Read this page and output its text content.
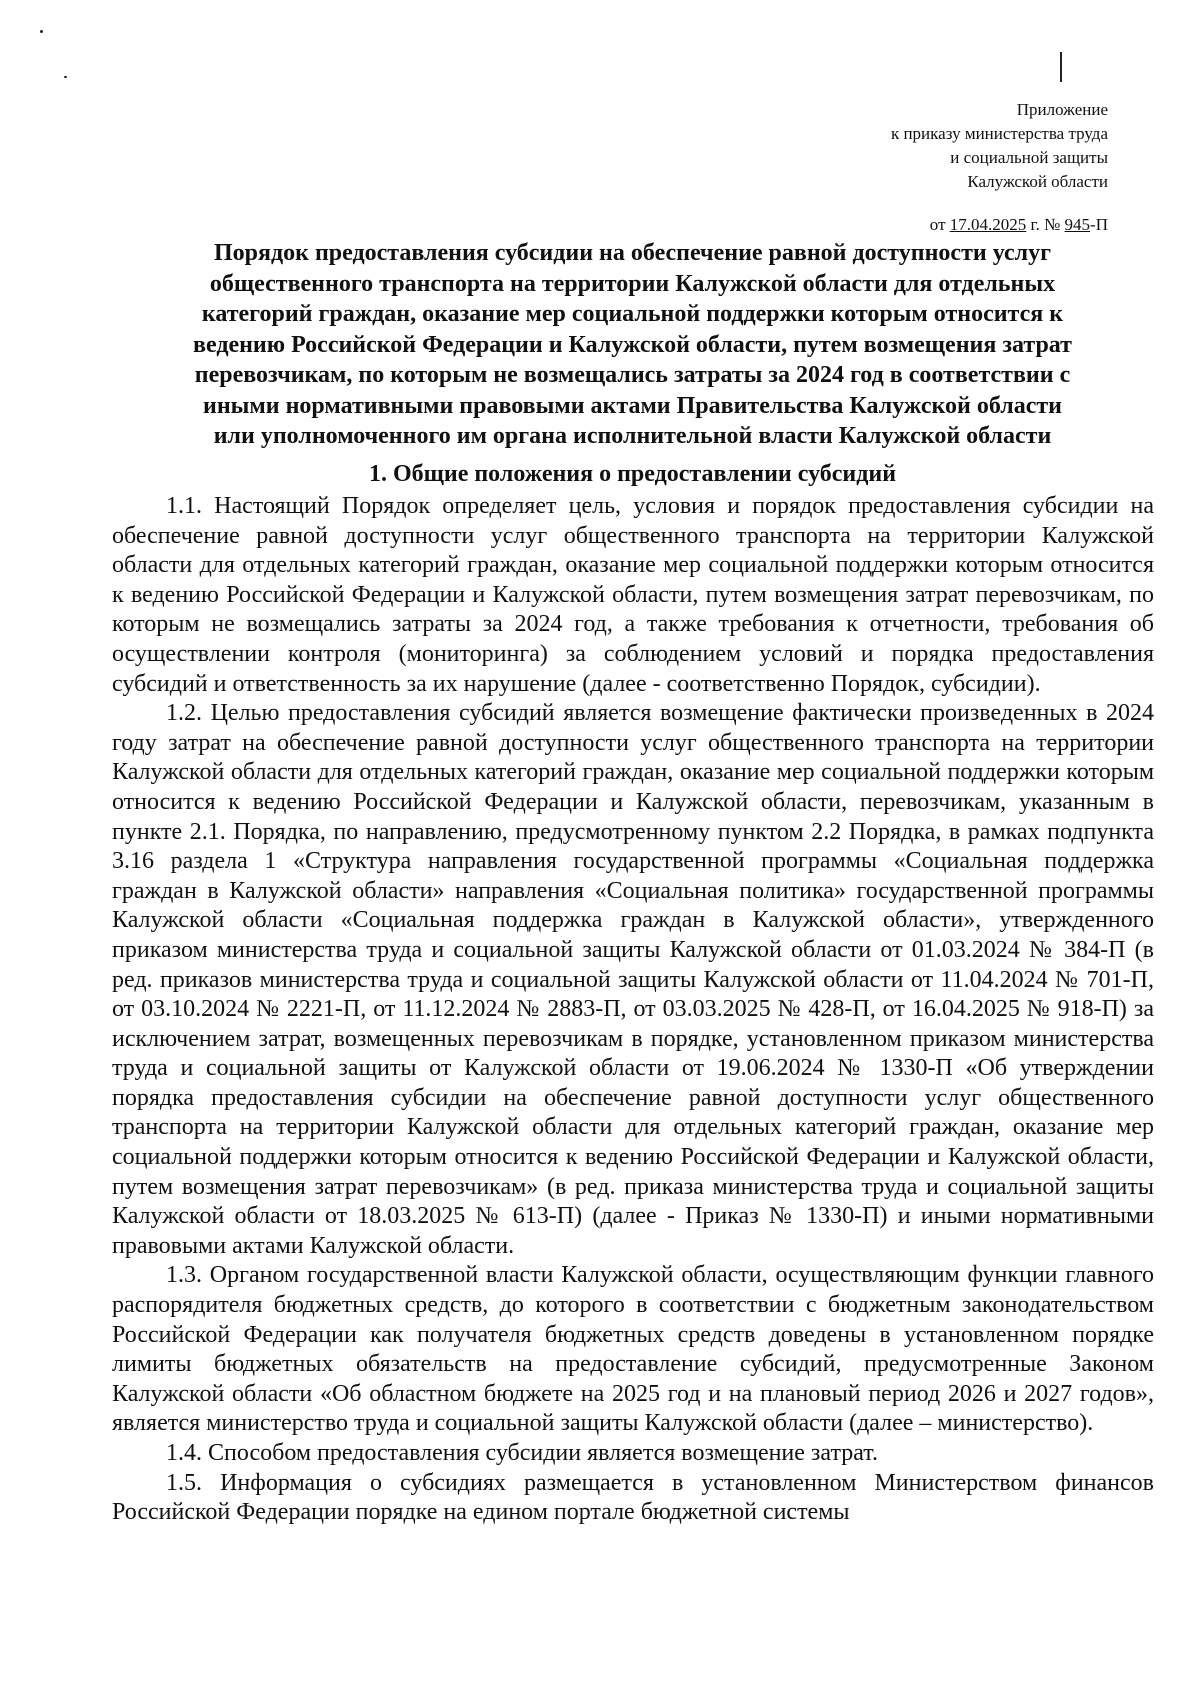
Приложение
к приказу министерства труда
и социальной защиты
Калужской области
от 17.04.2025 г. № 945-П
Порядок предоставления субсидии на обеспечение равной доступности услуг
общественного транспорта на территории Калужской области для отдельных
категорий граждан, оказание мер социальной поддержки которым относится к
ведению Российской Федерации и Калужской области, путем возмещения затрат
перевозчикам, по которым не возмещались затраты за 2024 год в соответствии с
иными нормативными правовыми актами Правительства Калужской области
или уполномоченного им органа исполнительной власти Калужской области
1. Общие положения о предоставлении субсидий

1.1. Настоящий Порядок определяет цель, условия и порядок предоставления субсидии на обеспечение равной доступности услуг общественного транспорта на территории Калужской области для отдельных категорий граждан, оказание мер социальной поддержки которым относится к ведению Российской Федерации и Калужской области, путем возмещения затрат перевозчикам, по которым не возмещались затраты за 2024 год, а также требования к отчетности, требования об осуществлении контроля (мониторинга) за соблюдением условий и порядка предоставления субсидий и ответственность за их нарушение (далее - соответственно Порядок, субсидии).

1.2. Целью предоставления субсидий является возмещение фактически произведенных в 2024 году затрат на обеспечение равной доступности услуг общественного транспорта на территории Калужской области для отдельных категорий граждан, оказание мер социальной поддержки которым относится к ведению Российской Федерации и Калужской области, перевозчикам, указанным в пункте 2.1. Порядка, по направлению, предусмотренному пунктом 2.2 Порядка, в рамках подпункта 3.16 раздела 1 «Структура направления государственной программы «Социальная поддержка граждан в Калужской области» направления «Социальная политика» государственной программы Калужской области «Социальная поддержка граждан в Калужской области», утвержденного приказом министерства труда и социальной защиты Калужской области от 01.03.2024 № 384-П (в ред. приказов министерства труда и социальной защиты Калужской области от 11.04.2024 № 701-П, от 03.10.2024 № 2221-П, от 11.12.2024 № 2883-П, от 03.03.2025 № 428-П, от 16.04.2025 № 918-П) за исключением затрат, возмещенных перевозчикам в порядке, установленном приказом министерства труда и социальной защиты от Калужской области от 19.06.2024 № 1330-П «Об утверждении порядка предоставления субсидии на обеспечение равной доступности услуг общественного транспорта на территории Калужской области для отдельных категорий граждан, оказание мер социальной поддержки которым относится к ведению Российской Федерации и Калужской области, путем возмещения затрат перевозчикам» (в ред. приказа министерства труда и социальной защиты Калужской области от 18.03.2025 № 613-П) (далее - Приказ № 1330-П) и иными нормативными правовыми актами Калужской области.

1.3. Органом государственной власти Калужской области, осуществляющим функции главного распорядителя бюджетных средств, до которого в соответствии с бюджетным законодательством Российской Федерации как получателя бюджетных средств доведены в установленном порядке лимиты бюджетных обязательств на предоставление субсидий, предусмотренные Законом Калужской области «Об областном бюджете на 2025 год и на плановый период 2026 и 2027 годов», является министерство труда и социальной защиты Калужской области (далее – министерство).

1.4. Способом предоставления субсидии является возмещение затрат.

1.5. Информация о субсидиях размещается в установленном Министерством финансов Российской Федерации порядке на едином портале бюджетной системы
